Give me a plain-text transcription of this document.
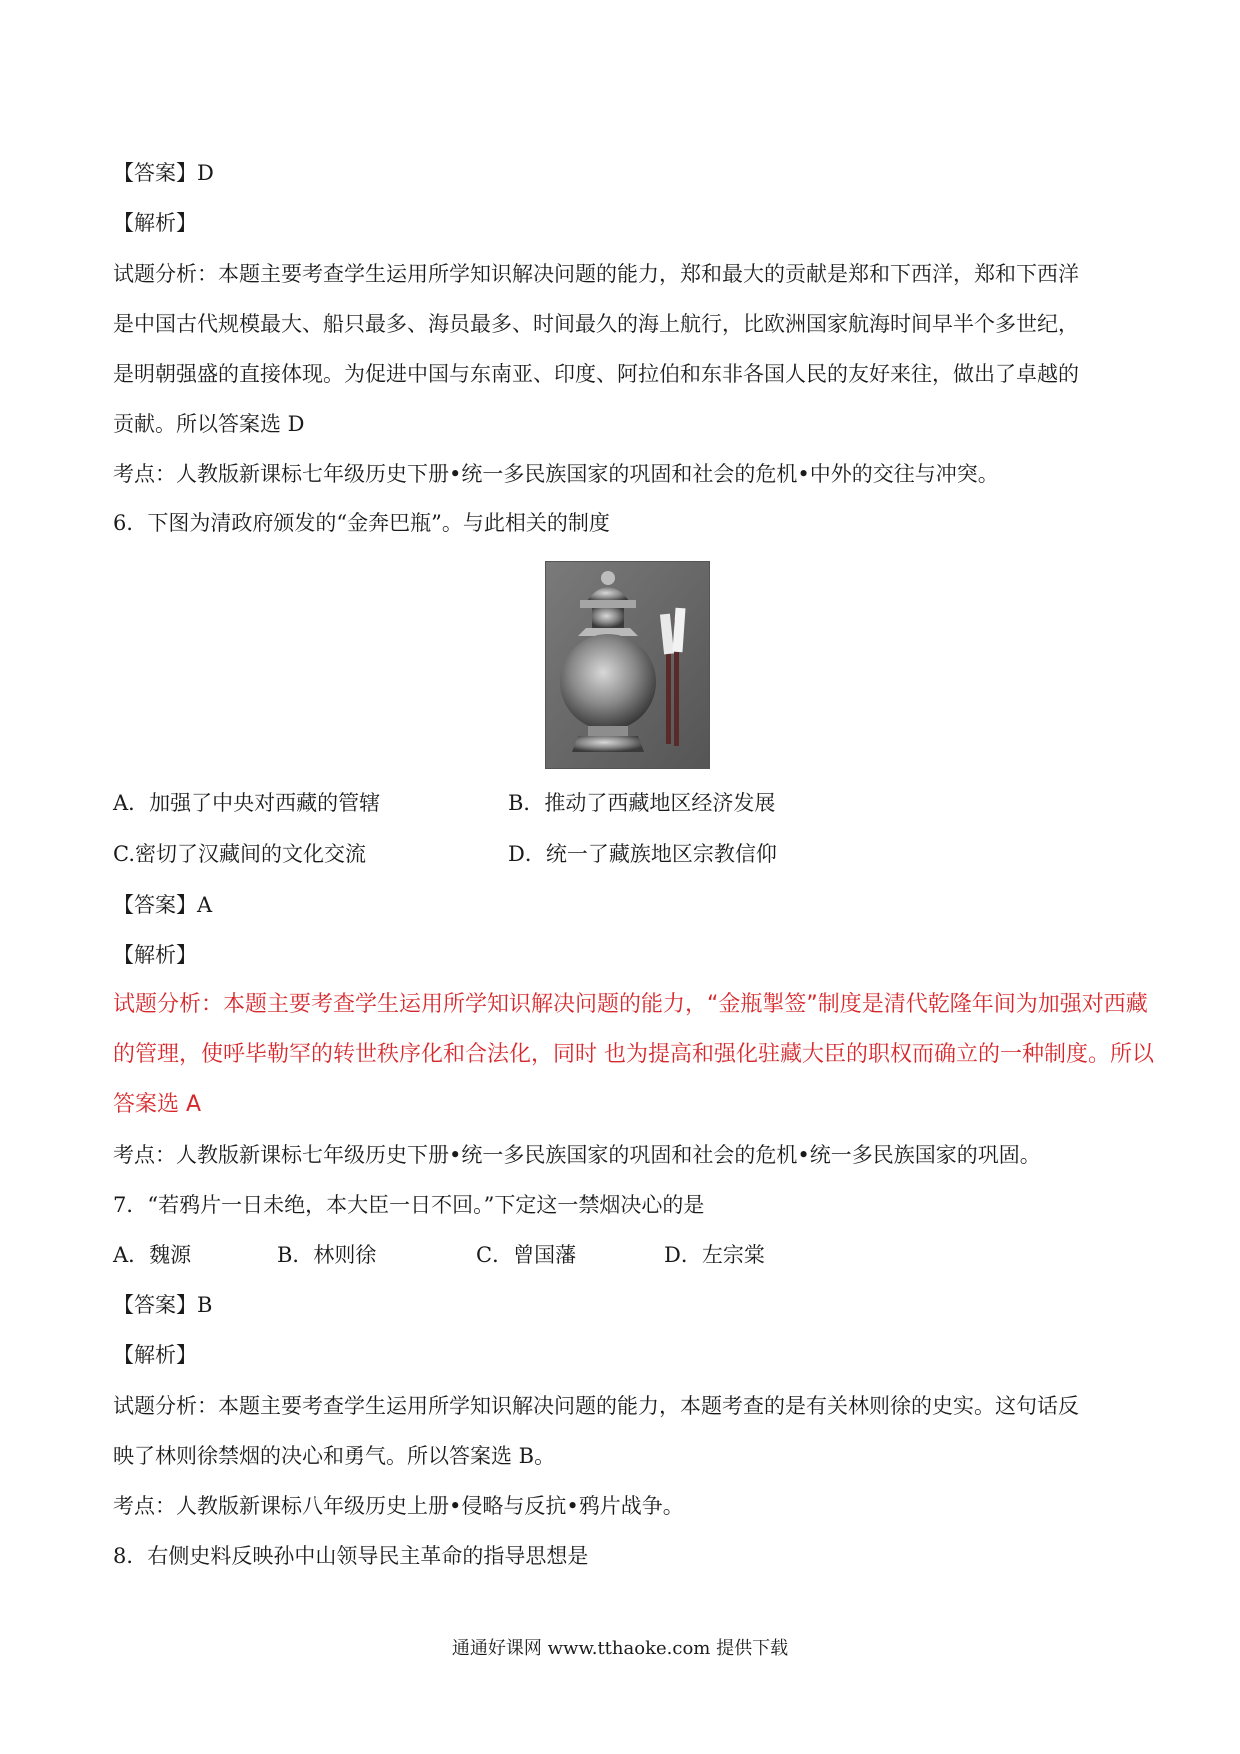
【答案】D
【解析】
试题分析：本题主要考查学生运用所学知识解决问题的能力，郑和最大的贡献是郑和下西洋，郑和下西洋
是中国古代规模最大、船只最多、海员最多、时间最久的海上航行，比欧洲国家航海时间早半个多世纪，
是明朝强盛的直接体现。为促进中国与东南亚、印度、阿拉伯和东非各国人民的友好来往，做出了卓越的
贡献。所以答案选 D
考点：人教版新课标七年级历史下册•统一多民族国家的巩固和社会的危机•中外的交往与冲突。
6．下图为清政府颁发的“金奔巴瓶”。与此相关的制度
A．加强了中央对西藏的管辖	B．推动了西藏地区经济发展
C.密切了汉藏间的文化交流	D．统一了藏族地区宗教信仰
【答案】A
【解析】
试题分析：本题主要考查学生运用所学知识解决问题的能力，“金瓶掣签”制度是清代乾隆年间为加强对西藏
的管理，使呼毕勒罕的转世秩序化和合法化，同时 也为提高和强化驻藏大臣的职权而确立的一种制度。所以
答案选 A
考点：人教版新课标七年级历史下册•统一多民族国家的巩固和社会的危机•统一多民族国家的巩固。
7．“若鸦片一日未绝，本大臣一日不回。”下定这一禁烟决心的是
A．魏源	B．林则徐	C．曾国藩	D．左宗棠
【答案】B
【解析】
试题分析：本题主要考查学生运用所学知识解决问题的能力，本题考查的是有关林则徐的史实。这句话反
映了林则徐禁烟的决心和勇气。所以答案选 B。
考点：人教版新课标八年级历史上册•侵略与反抗•鸦片战争。
8．右侧史料反映孙中山领导民主革命的指导思想是
通通好课网 www.tthaoke.com 提供下载
